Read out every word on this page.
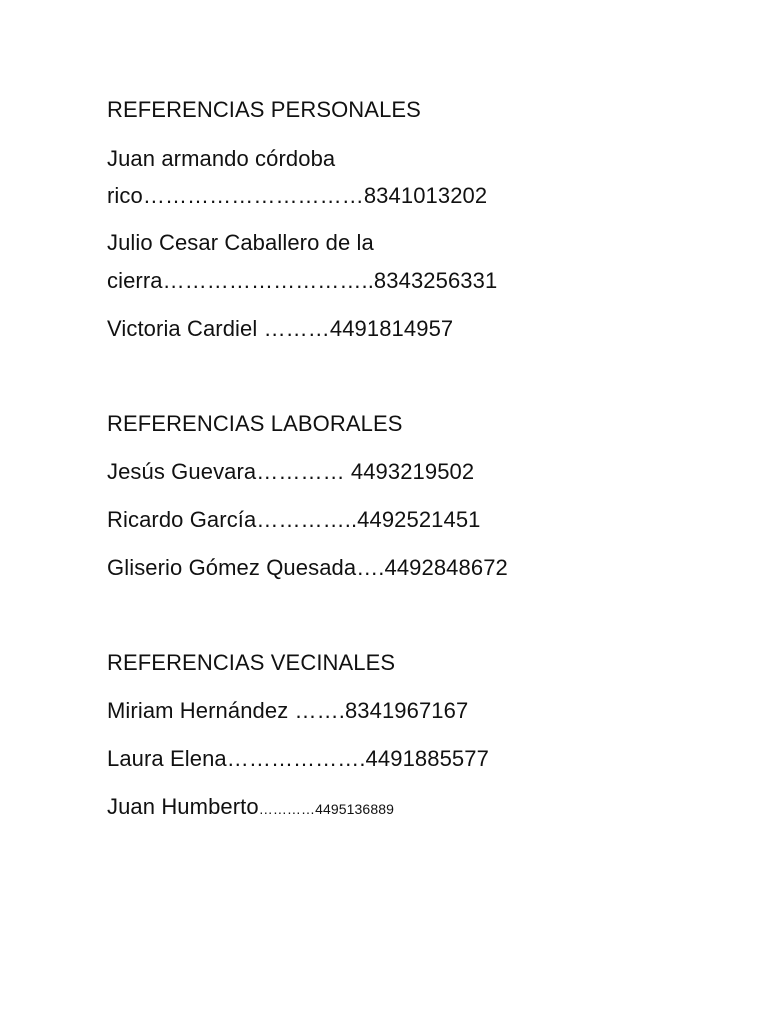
REFERENCIAS PERSONALES
Juan armando córdoba
rico…………………………8341013202
Julio Cesar Caballero de la
cierra………………………..8343256331
Victoria Cardiel ………4491814957
REFERENCIAS LABORALES
Jesús Guevara………… 4493219502
Ricardo García…………..4492521451
Gliserio Gómez Quesada….4492848672
REFERENCIAS VECINALES
Miriam Hernández …….8341967167
Laura Elena……………….4491885577
Juan Humberto…………4495136889
